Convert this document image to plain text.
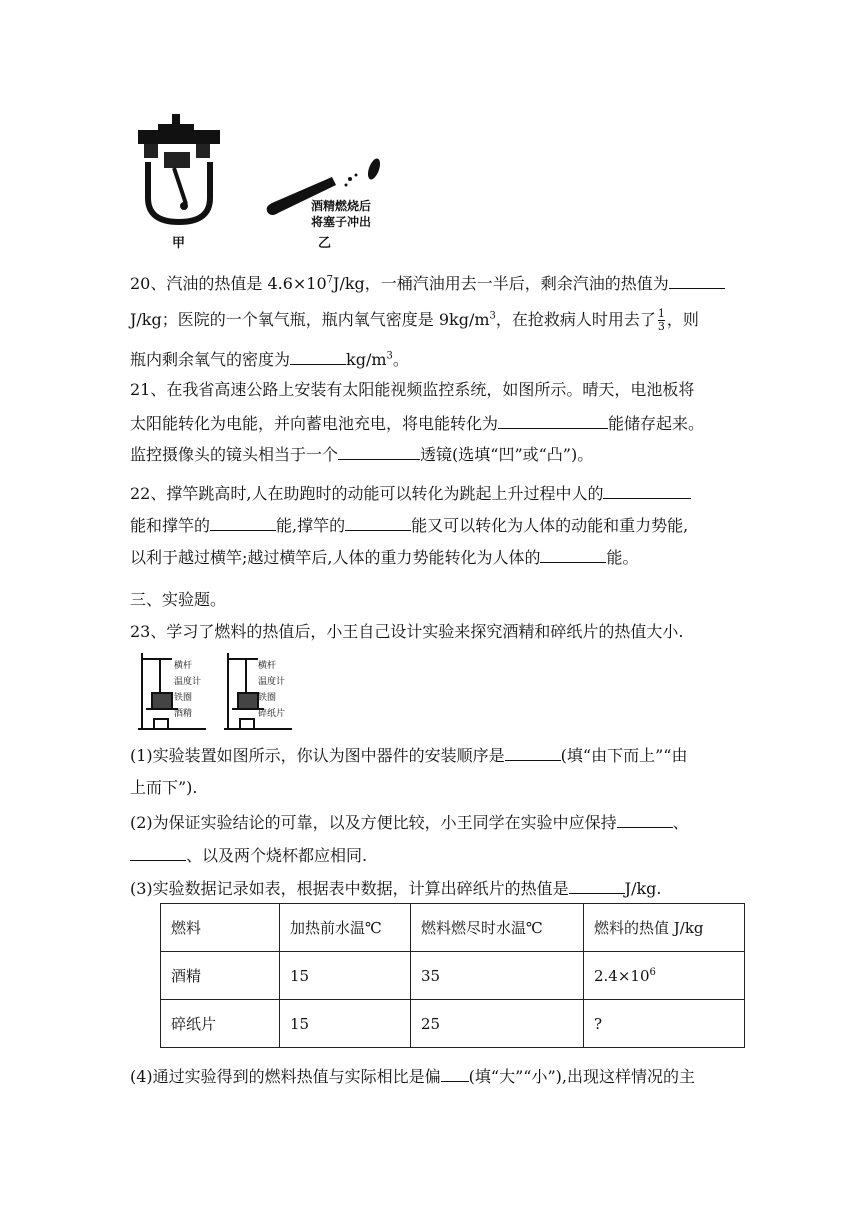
甲
酒精燃烧后
将塞子冲出
乙
20、汽油的热值是 $4.6\times 10^7J/kg$，一桶汽油用去一半后，剩余汽油的热值为
J/kg；医院的一个氧气瓶，瓶内氧气密度是 $9kg/m^3$，在抢救病人时用去了 $\frac{1}{3}$ ，则
瓶内剩余氧气的密度为	$kg/m^3$。
21、在我省高速公路上安装有太阳能视频监控系统，如图所示。晴天，电池板将
太阳能转化为电能，并向蓄电池充电，将电能转化为	能储存起来。
监控摄像头的镜头相当于一个	透镜(选填“凹”或“凸”)。
22、撑竿跳高时,人在助跑时的动能可以转化为跳起上升过程中人的
能和撑竿的	能,撑竿的	能又可以转化为人体的动能和重力势能,
以利于越过横竿;越过横竿后,人体的重力势能转化为人体的	能。
三、实验题。
23、学习了燃料的热值后，小王自己设计实验来探究酒精和碎纸片的热值大小.
横杆
温度计
铁圈
酒精
横杆
温度计
铁圈
碎纸片
(1)实验装置如图所示，你认为图中器件的安装顺序是	(填“由下而上”“由
上而下”).
(2)为保证实验结论的可靠，以及方便比较，小王同学在实验中应保持	、
、以及两个烧杯都应相同.
(3)实验数据记录如表，根据表中数据，计算出碎纸片的热值是	J/kg.
燃料	加热前水温℃	燃料燃尽时水温℃	燃料的热值 J/kg
酒精	15	35	$2.4\times 10^6$
碎纸片	15	25	?
(4)通过实验得到的燃料热值与实际相比是偏 (填“大”“小”),出现这样情况的主
